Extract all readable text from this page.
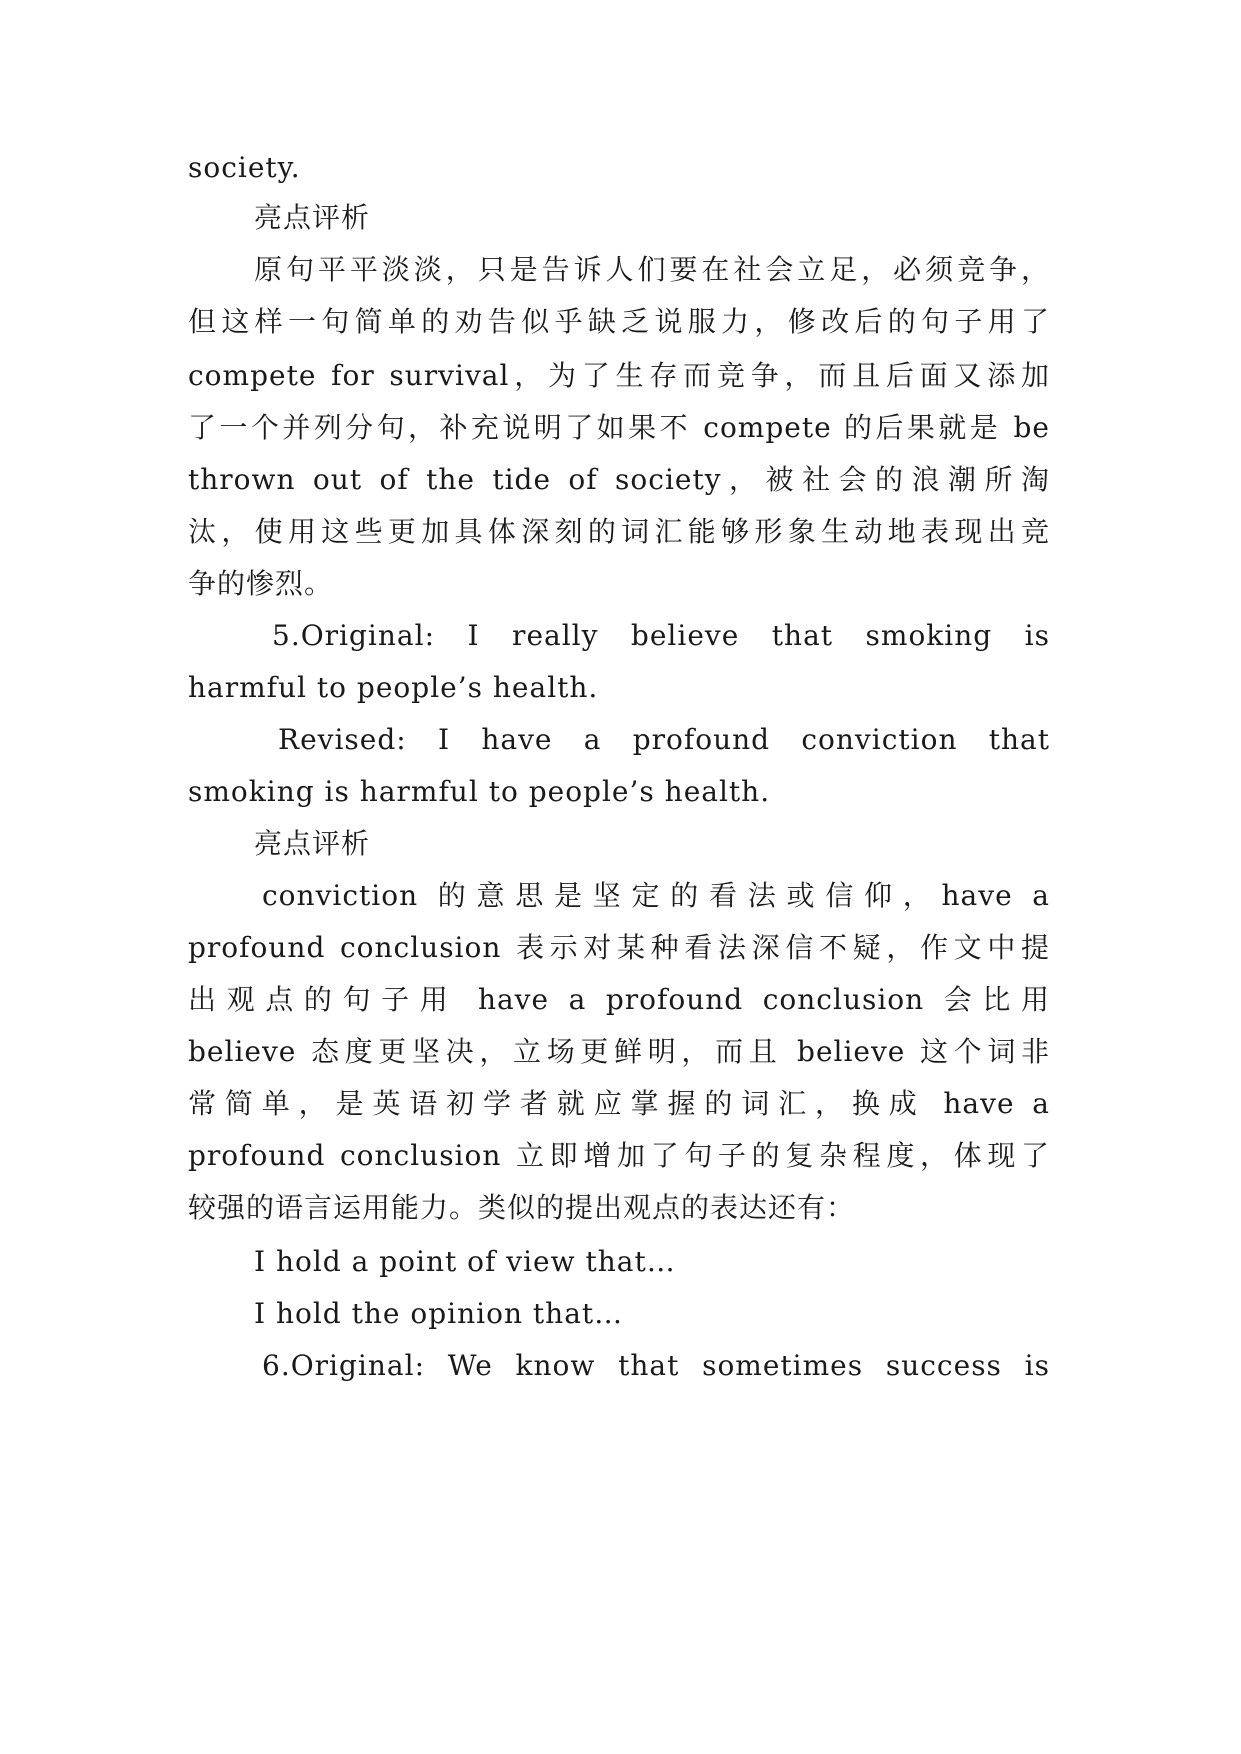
society.
亮点评析
原句平平淡淡，只是告诉人们要在社会立足，必须竞争，
但这样一句简单的劝告似乎缺乏说服力，修改后的句子用了
compete for survival，为了生存而竞争，而且后面又添加
了一个并列分句，补充说明了如果不 compete 的后果就是 be
thrown out of the tide of society，被社会的浪潮所淘
汰，使用这些更加具体深刻的词汇能够形象生动地表现出竞
争的惨烈。
5.Original: I really believe that smoking is
harmful to people’s health.
Revised: I have a profound conviction that
smoking is harmful to people’s health.
亮点评析
conviction 的意思是坚定的看法或信仰，have a
profound conclusion 表示对某种看法深信不疑，作文中提
出观点的句子用 have a profound conclusion 会比用
believe 态度更坚决，立场更鲜明，而且 believe 这个词非
常简单，是英语初学者就应掌握的词汇，换成 have a
profound conclusion 立即增加了句子的复杂程度，体现了
较强的语言运用能力。类似的提出观点的表达还有：
I hold a point of view that…
I hold the opinion that…
6.Original: We know that sometimes success is
